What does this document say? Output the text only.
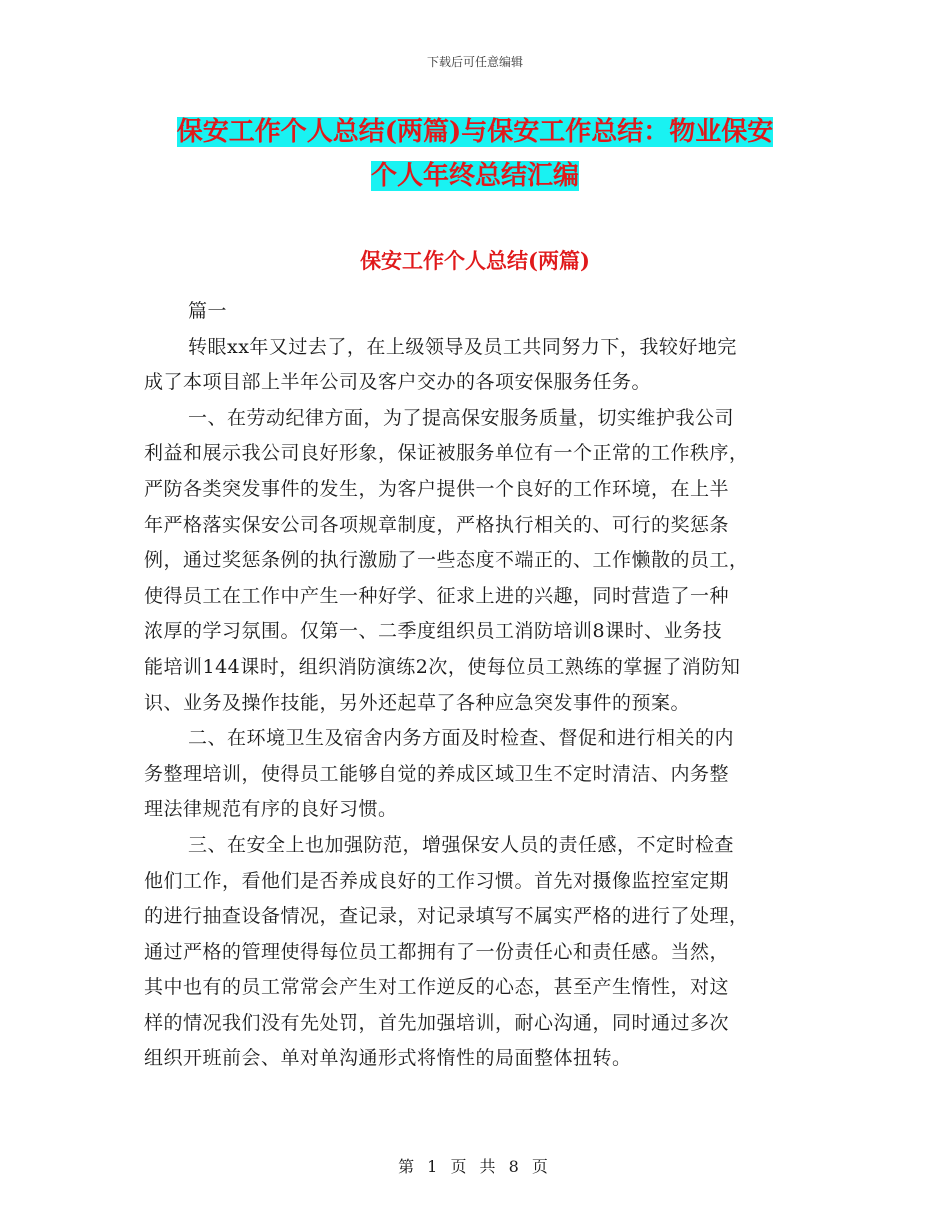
下载后可任意编辑
保安工作个人总结(两篇)与保安工作总结：物业保安
个人年终总结汇编
保安工作个人总结(两篇)
篇一
转眼xx年又过去了，在上级领导及员工共同努力下，我较好地完
成了本项目部上半年公司及客户交办的各项安保服务任务。
一、在劳动纪律方面，为了提高保安服务质量，切实维护我公司
利益和展示我公司良好形象，保证被服务单位有一个正常的工作秩序，
严防各类突发事件的发生，为客户提供一个良好的工作环境，在上半
年严格落实保安公司各项规章制度，严格执行相关的、可行的奖惩条
例，通过奖惩条例的执行激励了一些态度不端正的、工作懒散的员工，
使得员工在工作中产生一种好学、征求上进的兴趣，同时营造了一种
浓厚的学习氛围。仅第一、二季度组织员工消防培训8课时、业务技
能培训144课时，组织消防演练2次，使每位员工熟练的掌握了消防知
识、业务及操作技能，另外还起草了各种应急突发事件的预案。
二、在环境卫生及宿舍内务方面及时检查、督促和进行相关的内
务整理培训，使得员工能够自觉的养成区域卫生不定时清洁、内务整
理法律规范有序的良好习惯。
三、在安全上也加强防范，增强保安人员的责任感，不定时检查
他们工作，看他们是否养成良好的工作习惯。首先对摄像监控室定期
的进行抽查设备情况，查记录，对记录填写不属实严格的进行了处理，
通过严格的管理使得每位员工都拥有了一份责任心和责任感。当然，
其中也有的员工常常会产生对工作逆反的心态，甚至产生惰性，对这
样的情况我们没有先处罚，首先加强培训，耐心沟通，同时通过多次
组织开班前会、单对单沟通形式将惰性的局面整体扭转。
第 1 页 共 8 页
